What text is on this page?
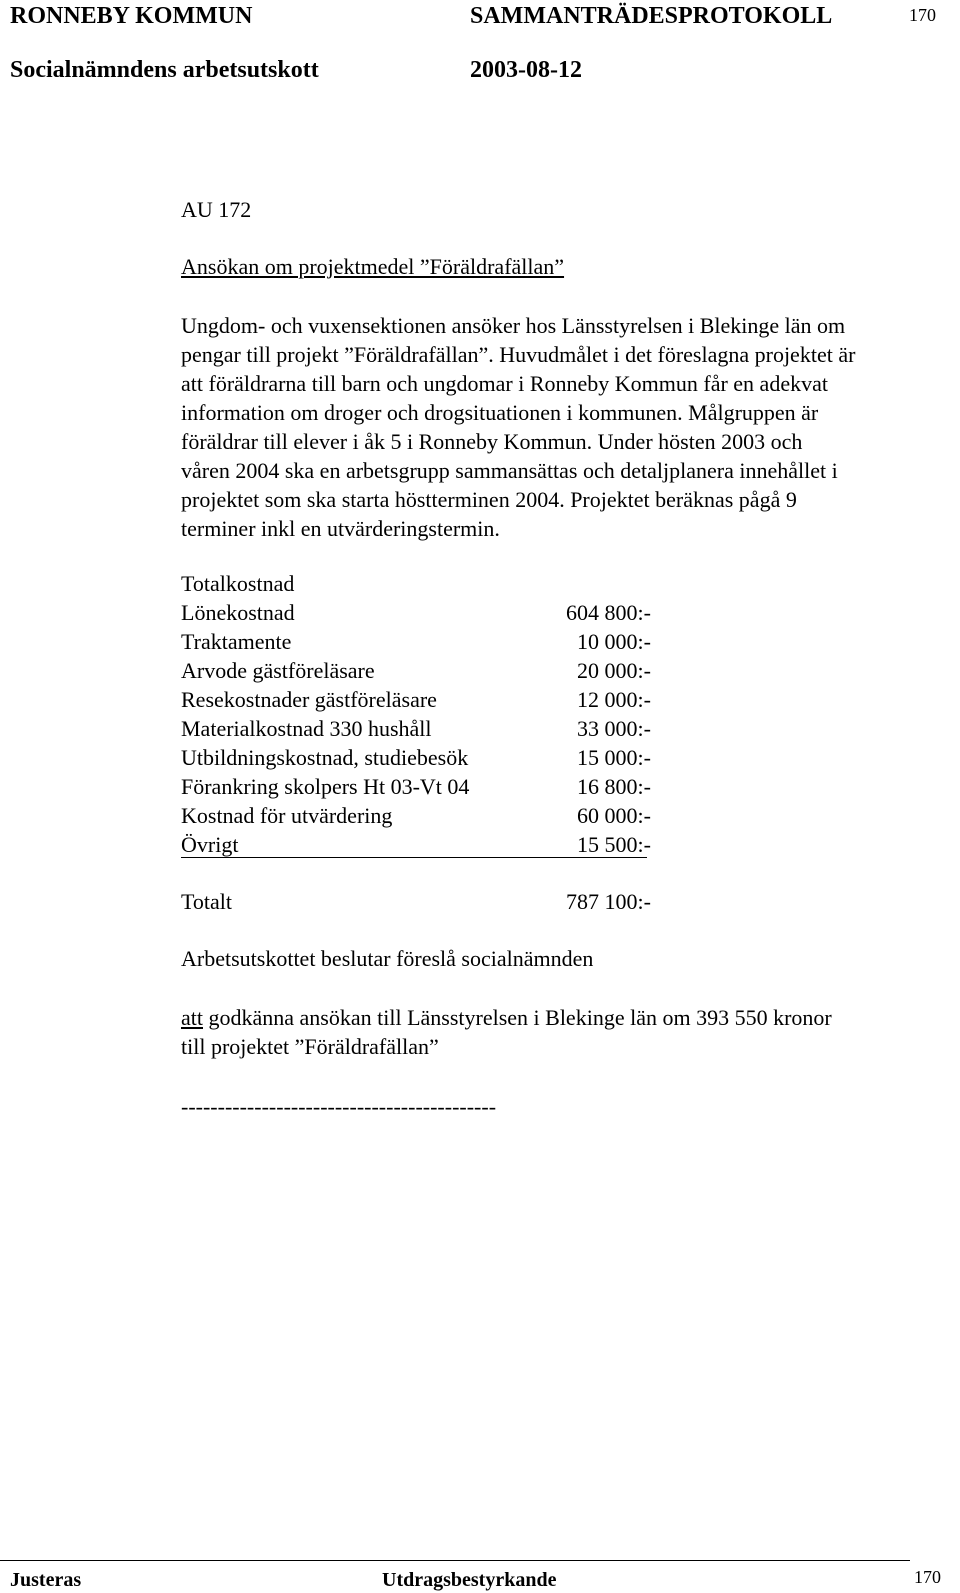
RONNEBY KOMMUN	SAMMANTRÄDESPROTOKOLL	170
Socialnämndens arbetsutskott	2003-08-12
AU 172
Ansökan om projektmedel ”Föräldrafällan”
Ungdom- och vuxensektionen ansöker hos Länsstyrelsen i Blekinge län om
pengar till projekt ”Föräldrafällan”. Huvudmålet i det föreslagna projektet är
att föräldrarna till barn och ungdomar i Ronneby Kommun får en adekvat
information om droger och drogsituationen i kommunen. Målgruppen är
föräldrar till elever i åk 5 i Ronneby Kommun. Under hösten 2003 och
våren 2004 ska en arbetsgrupp sammansättas och detaljplanera innehållet i
projektet som ska starta höstterminen 2004. Projektet beräknas pågå 9
terminer inkl en utvärderingstermin.
Totalkostnad
Lönekostnad	604 800:-
Traktamente	10 000:-
Arvode gästföreläsare	20 000:-
Resekostnader gästföreläsare	12 000:-
Materialkostnad 330 hushåll	33 000:-
Utbildningskostnad, studiebesök	15 000:-
Förankring skolpers Ht 03-Vt 04	16 800:-
Kostnad för utvärdering	60 000:-
Övrigt	15 500:-
Totalt	787 100:-
Arbetsutskottet beslutar föreslå socialnämnden
att godkänna ansökan till Länsstyrelsen i Blekinge län om 393 550 kronor
till projektet ”Föräldrafällan”
-------------------------------------------
Justeras	Utdragsbestyrkande	170
